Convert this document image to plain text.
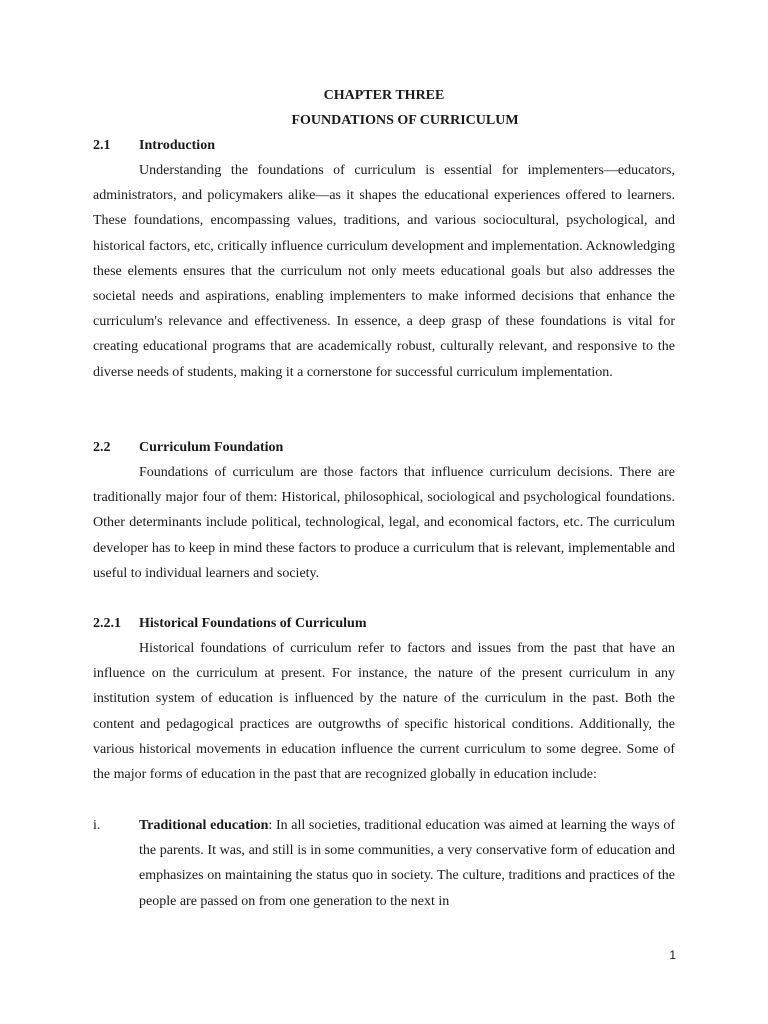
CHAPTER THREE

FOUNDATIONS OF CURRICULUM

2.1 Introduction

Understanding the foundations of curriculum is essential for implementers—educators, administrators, and policymakers alike—as it shapes the educational experiences offered to learners. These foundations, encompassing values, traditions, and various sociocultural, psychological, and historical factors, etc, critically influence curriculum development and implementation. Acknowledging these elements ensures that the curriculum not only meets educational goals but also addresses the societal needs and aspirations, enabling implementers to make informed decisions that enhance the curriculum's relevance and effectiveness. In essence, a deep grasp of these foundations is vital for creating educational programs that are academically robust, culturally relevant, and responsive to the diverse needs of students, making it a cornerstone for successful curriculum implementation.

2.2 Curriculum Foundation

Foundations of curriculum are those factors that influence curriculum decisions. There are traditionally major four of them: Historical, philosophical, sociological and psychological foundations. Other determinants include political, technological, legal, and economical factors, etc. The curriculum developer has to keep in mind these factors to produce a curriculum that is relevant, implementable and useful to individual learners and society.

2.2.1 Historical Foundations of Curriculum

Historical foundations of curriculum refer to factors and issues from the past that have an influence on the curriculum at present. For instance, the nature of the present curriculum in any institution system of education is influenced by the nature of the curriculum in the past. Both the content and pedagogical practices are outgrowths of specific historical conditions. Additionally, the various historical movements in education influence the current curriculum to some degree. Some of the major forms of education in the past that are recognized globally in education include:

i.	Traditional education: In all societies, traditional education was aimed at learning the ways of the parents. It was, and still is in some communities, a very conservative form of education and emphasizes on maintaining the status quo in society. The culture, traditions and practices of the people are passed on from one generation to the next in

1
